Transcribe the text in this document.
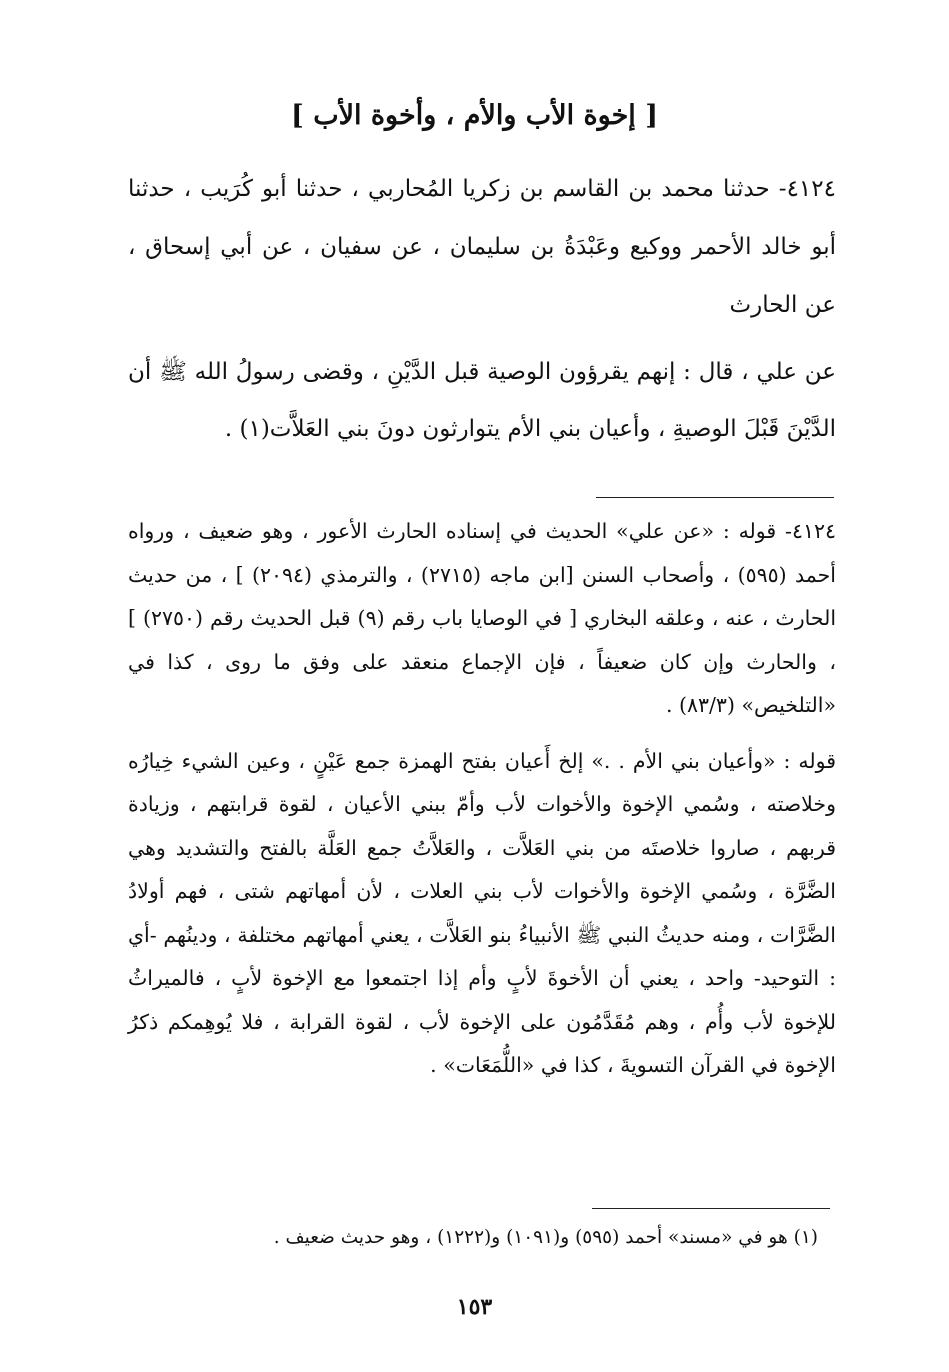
[ إخوة الأب والأم ، وأخوة الأب ]

٤١٢٤- حدثنا محمد بن القاسم بن زكريا المُحاربي ، حدثنا أبو كُرَيب ، حدثنا أبو خالد الأحمر ووكيع وعَبْدَةُ بن سليمان ، عن سفيان ، عن أبي إسحاق ، عن الحارث

عن علي ، قال : إنهم يقرؤون الوصية قبل الدَّيْنِ ، وقضى رسولُ الله ﷺ أن الدَّيْنَ قَبْلَ الوصيةِ ، وأعيان بني الأم يتوارثون دونَ بني العَلاَّت(١) .

٤١٢٤- قوله : «عن علي» الحديث في إسناده الحارث الأعور ، وهو ضعيف ، ورواه أحمد (٥٩٥) ، وأصحاب السنن [ابن ماجه (٢٧١٥) ، والترمذي (٢٠٩٤) ] ، من حديث الحارث ، عنه ، وعلقه البخاري [ في الوصايا باب رقم (٩) قبل الحديث رقم (٢٧٥٠) ] ، والحارث وإن كان ضعيفاً ، فإن الإجماع منعقد على وفق ما روى ، كذا في «التلخيص» (٨٣/٣) .

قوله : «وأعيان بني الأم . .» إلخ أَعيان بفتح الهمزة جمع عَيْنٍ ، وعين الشيء خِيارُه وخلاصته ، وسُمي الإخوة والأخوات لأب وأمّ ببني الأعيان ، لقوة قرابتهم ، وزيادة قربهم ، صاروا خلاصتَه من بني العَلاَّت ، والعَلاَّتُ جمع العَلَّة بالفتح والتشديد وهي الضَّرَّة ، وسُمي الإخوة والأخوات لأب بني العلات ، لأن أمهاتهم شتى ، فهم أولادُ الضَّرَّات ، ومنه حديثُ النبي ﷺ الأنبياءُ بنو العَلاَّت ، يعني أمهاتهم مختلفة ، ودينُهم -أي : التوحيد- واحد ، يعني أن الأخوةَ لأبٍ وأم إذا اجتمعوا مع الإخوة لأبٍ ، فالميراثُ للإخوة لأب وأُم ، وهم مُقَدَّمُون على الإخوة لأب ، لقوة القرابة ، فلا يُوهِمكم ذكرُ الإخوة في القرآن التسويةَ ، كذا في «اللُّمَعَات» .

(١) هو في «مسند» أحمد (٥٩٥) و(١٠٩١) و(١٢٢٢) ، وهو حديث ضعيف .
١٥٣
